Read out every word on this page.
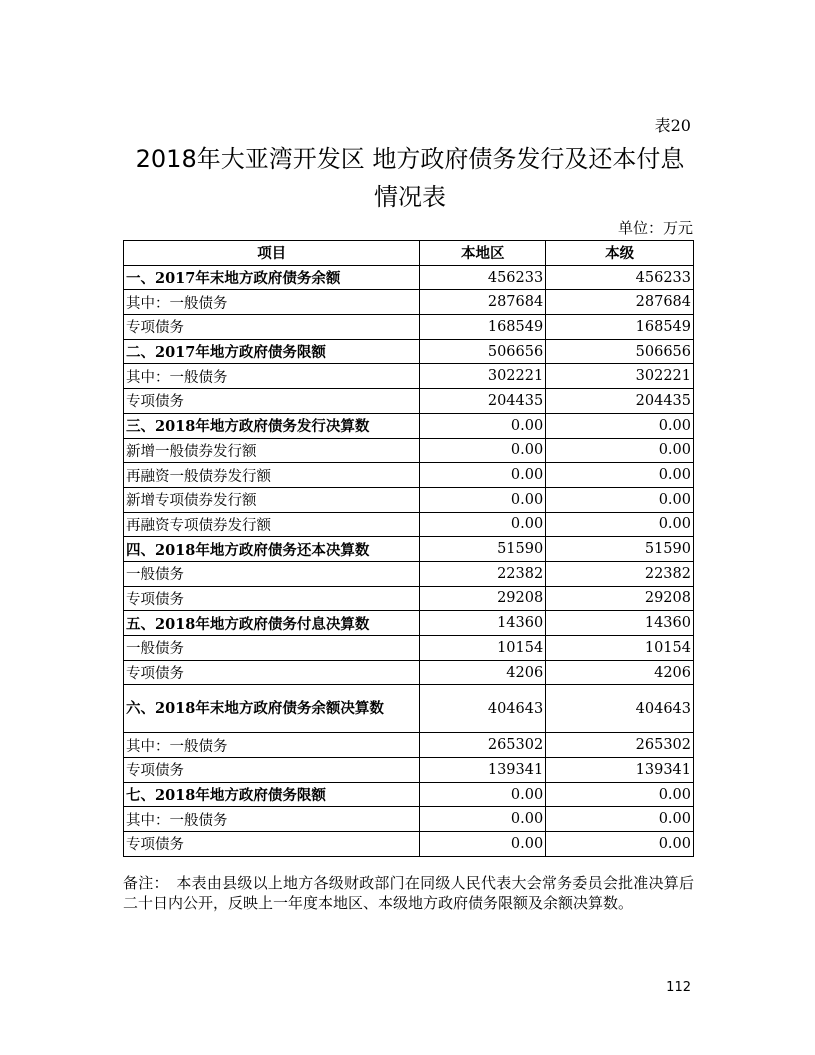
表20
2018年大亚湾开发区 地方政府债务发行及还本付息
情况表
单位：万元
项目	本地区	本级
一、2017年末地方政府债务余额	456233	456233
其中：一般债务	287684	287684
专项债务	168549	168549
二、2017年地方政府债务限额	506656	506656
其中：一般债务	302221	302221
专项债务	204435	204435
三、2018年地方政府债务发行决算数	0.00	0.00
新增一般债券发行额	0.00	0.00
再融资一般债券发行额	0.00	0.00
新增专项债券发行额	0.00	0.00
再融资专项债券发行额	0.00	0.00
四、2018年地方政府债务还本决算数	51590	51590
一般债务	22382	22382
专项债务	29208	29208
五、2018年地方政府债务付息决算数	14360	14360
一般债务	10154	10154
专项债务	4206	4206
六、2018年末地方政府债务余额决算数	404643	404643
其中：一般债务	265302	265302
专项债务	139341	139341
七、2018年地方政府债务限额	0.00	0.00
其中：一般债务	0.00	0.00
专项债务	0.00	0.00
备注：　本表由县级以上地方各级财政部门在同级人民代表大会常务委员会批准决算后二十日内公开，反映上一年度本地区、本级地方政府债务限额及余额决算数。
112
